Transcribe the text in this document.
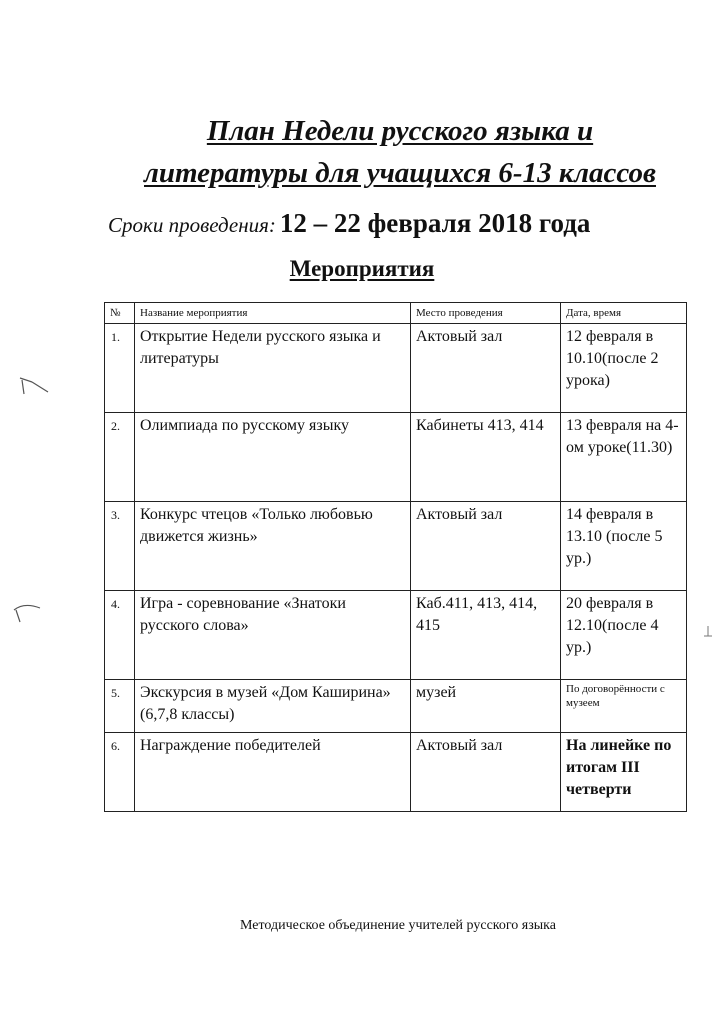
План Недели русского языка и
литературы для учащихся 6-13 классов
Сроки проведения: 12 – 22 февраля 2018 года
Мероприятия
№	Название мероприятия	Место проведения	Дата, время
1.	Открытие Недели русского языка и литературы	Актовый зал	12 февраля в 10.10(после 2 урока)
2.	Олимпиада по русскому языку	Кабинеты 413, 414	13 февраля на 4-ом уроке(11.30)
3.	Конкурс чтецов «Только любовью движется жизнь»	Актовый зал	14 февраля в 13.10 (после 5 ур.)
4.	Игра - соревнование «Знатоки русского слова»	Каб.411, 413, 414, 415	20 февраля в 12.10(после 4 ур.)
5.	Экскурсия в музей «Дом Каширина» (6,7,8 классы)	музей	По договорённости с музеем
6.	Награждение победителей	Актовый зал	На линейке по итогам III четверти
Методическое объединение учителей русского языка
